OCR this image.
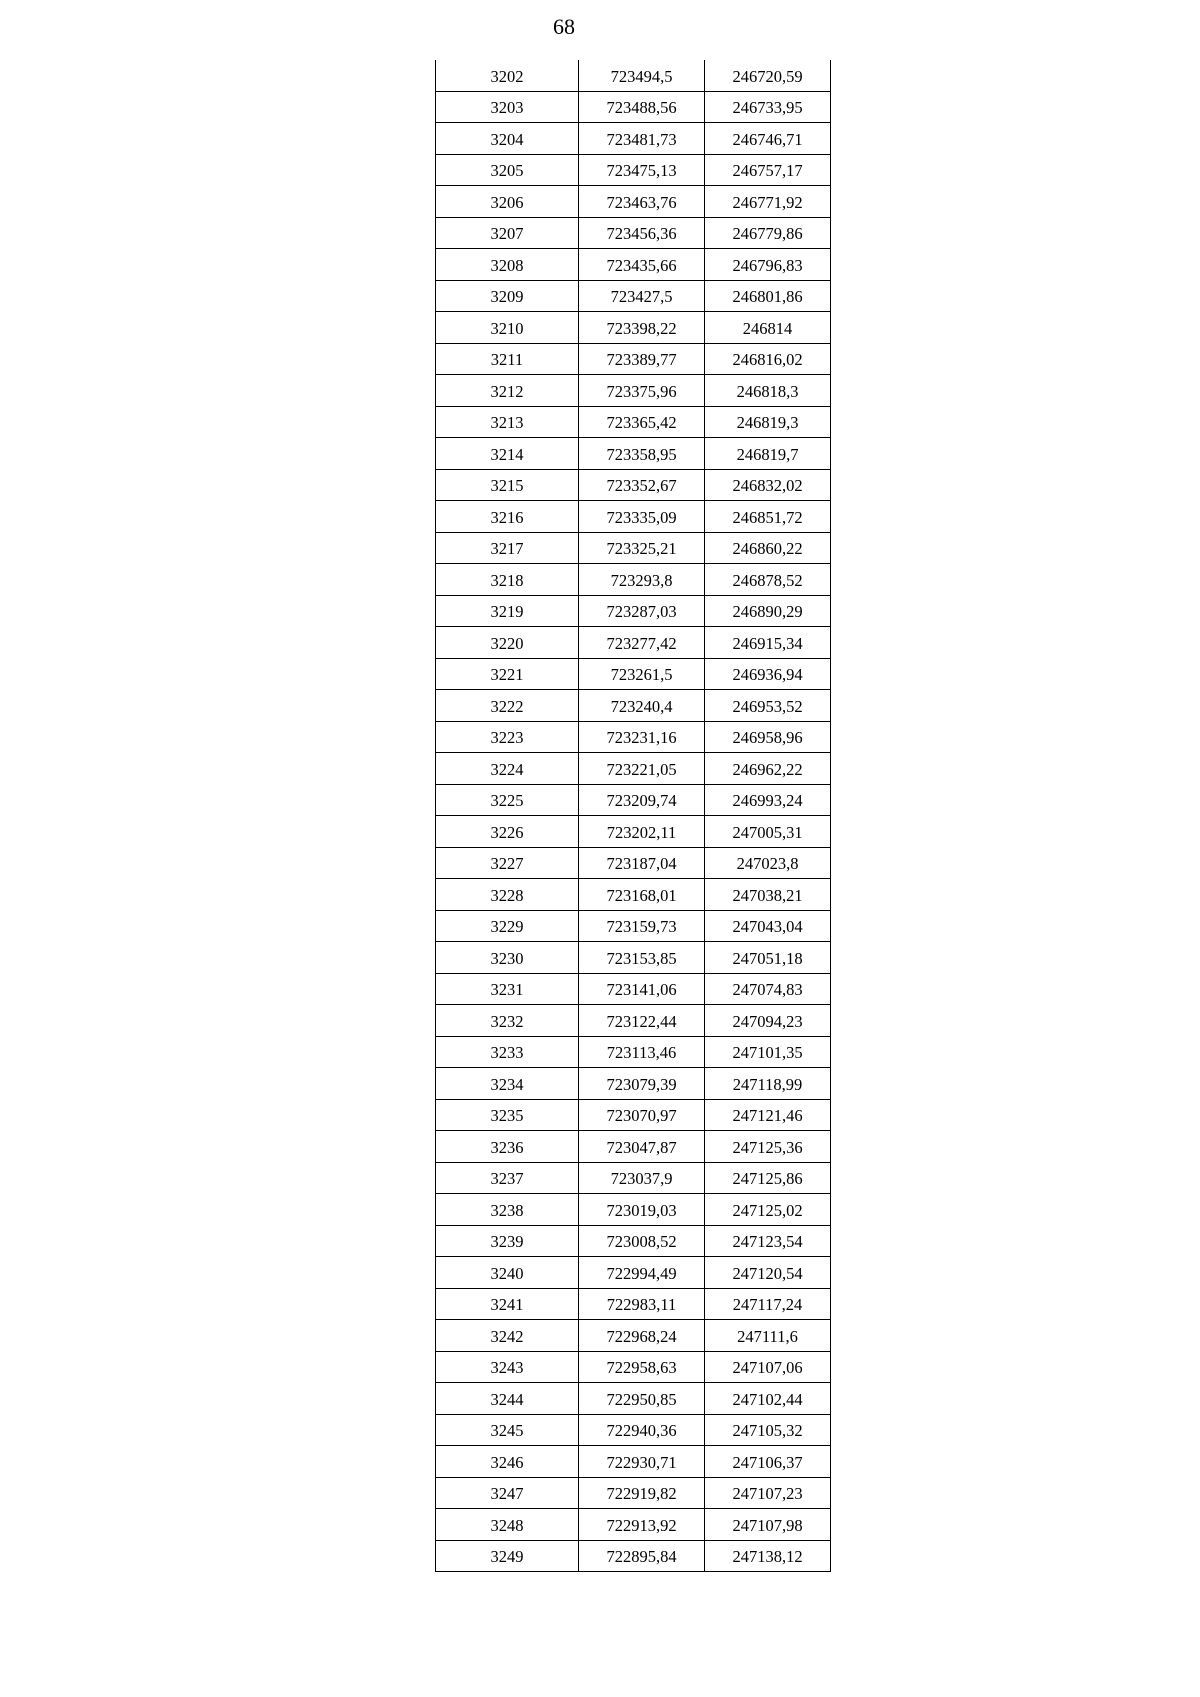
68
3202	723494,5	246720,59
3203	723488,56	246733,95
3204	723481,73	246746,71
3205	723475,13	246757,17
3206	723463,76	246771,92
3207	723456,36	246779,86
3208	723435,66	246796,83
3209	723427,5	246801,86
3210	723398,22	246814
3211	723389,77	246816,02
3212	723375,96	246818,3
3213	723365,42	246819,3
3214	723358,95	246819,7
3215	723352,67	246832,02
3216	723335,09	246851,72
3217	723325,21	246860,22
3218	723293,8	246878,52
3219	723287,03	246890,29
3220	723277,42	246915,34
3221	723261,5	246936,94
3222	723240,4	246953,52
3223	723231,16	246958,96
3224	723221,05	246962,22
3225	723209,74	246993,24
3226	723202,11	247005,31
3227	723187,04	247023,8
3228	723168,01	247038,21
3229	723159,73	247043,04
3230	723153,85	247051,18
3231	723141,06	247074,83
3232	723122,44	247094,23
3233	723113,46	247101,35
3234	723079,39	247118,99
3235	723070,97	247121,46
3236	723047,87	247125,36
3237	723037,9	247125,86
3238	723019,03	247125,02
3239	723008,52	247123,54
3240	722994,49	247120,54
3241	722983,11	247117,24
3242	722968,24	247111,6
3243	722958,63	247107,06
3244	722950,85	247102,44
3245	722940,36	247105,32
3246	722930,71	247106,37
3247	722919,82	247107,23
3248	722913,92	247107,98
3249	722895,84	247138,12
